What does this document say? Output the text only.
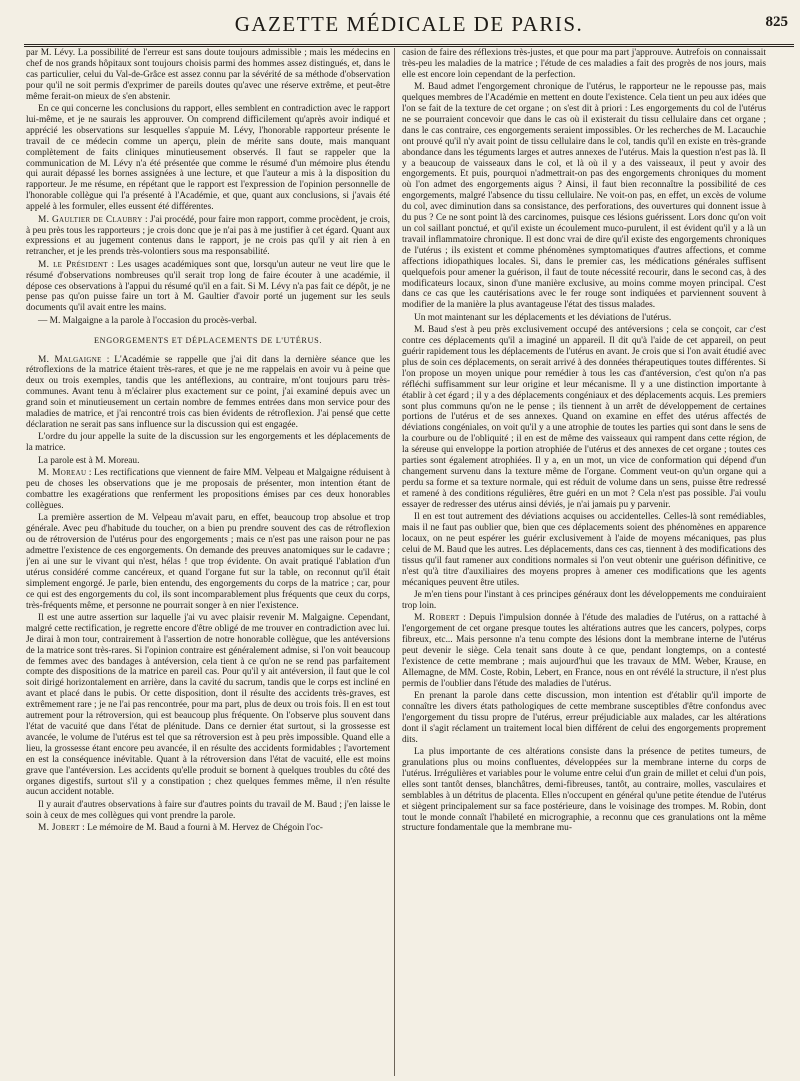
GAZETTE MÉDICALE DE PARIS.	825

par M. Lévy. La possibilité de l'erreur est sans doute toujours admissible ; mais les médecins en chef de nos grands hôpitaux sont toujours choisis parmi des hommes assez distingués, et, dans le cas particulier, celui du Val-de-Grâce est assez connu par la sévérité de sa méthode d'observation pour qu'il ne soit permis d'exprimer de pareils doutes qu'avec une réserve extrême, et peut-être même ferait-on mieux de s'en abstenir.

En ce qui concerne les conclusions du rapport, elles semblent en contradiction avec le rapport lui-même, et je ne saurais les approuver. On comprend difficilement qu'après avoir indiqué et apprécié les observations sur lesquelles s'appuie M. Lévy, l'honorable rapporteur présente le travail de ce médecin comme un aperçu, plein de mérite sans doute, mais manquant complètement de faits cliniques minutieusement observés. Il faut se rappeler que la communication de M. Lévy n'a été présentée que comme le résumé d'un mémoire plus étendu qui aurait dépassé les bornes assignées à une lecture, et que l'auteur a mis à la disposition du rapporteur. Je me résume, en répétant que le rapport est l'expression de l'opinion personnelle de l'honorable collègue qui l'a présenté à l'Académie, et que, quant aux conclusions, si j'avais été appelé à les formuler, elles eussent été différentes.

M. Gaultier de Claubry : J'ai procédé, pour faire mon rapport, comme procèdent, je crois, à peu près tous les rapporteurs ; je crois donc que je n'ai pas à me justifier à cet égard. Quant aux expressions et au jugement contenus dans le rapport, je ne crois pas qu'il y ait rien à en retrancher, et je les prends très-volontiers sous ma responsabilité.

M. le Président : Les usages académiques sont que, lorsqu'un auteur ne veut lire que le résumé d'observations nombreuses qu'il serait trop long de faire écouter à une académie, il dépose ces observations à l'appui du résumé qu'il en a fait. Si M. Lévy n'a pas fait ce dépôt, je ne pense pas qu'on puisse faire un tort à M. Gaultier d'avoir porté un jugement sur les seuls documents qu'il avait entre les mains.

— M. Malgaigne a la parole à l'occasion du procès-verbal.

ENGORGEMENTS ET DÉPLACEMENTS DE L'UTÉRUS.

M. Malgaigne : L'Académie se rappelle que j'ai dit dans la dernière séance que les rétroflexions de la matrice étaient très-rares, et que je ne me rappelais en avoir vu à peine que deux ou trois exemples, tandis que les antéflexions, au contraire, m'ont toujours paru très-communes. Avant tenu à m'éclairer plus exactement sur ce point, j'ai examiné depuis avec un grand soin et minutieusement un certain nombre de femmes entrées dans mon service pour des maladies de matrice, et j'ai rencontré trois cas bien évidents de rétroflexion. J'ai pensé que cette déclaration ne serait pas sans influence sur la discussion qui est engagée.

L'ordre du jour appelle la suite de la discussion sur les engorgements et les déplacements de la matrice.

La parole est à M. Moreau.

M. Moreau : Les rectifications que viennent de faire MM. Velpeau et Malgaigne réduisent à peu de choses les observations que je me proposais de présenter, mon intention étant de combattre les exagérations que renferment les propositions émises par ces deux honorables collègues.

La première assertion de M. Velpeau m'avait paru, en effet, beaucoup trop absolue et trop générale. Avec peu d'habitude du toucher, on a bien pu prendre souvent des cas de rétroflexion ou de rétroversion de l'utérus pour des engorgements ; mais ce n'est pas une raison pour ne pas admettre l'existence de ces engorgements. On demande des preuves anatomiques sur le cadavre ; j'en ai une sur le vivant qui n'est, hélas ! que trop évidente. On avait pratiqué l'ablation d'un utérus considéré comme cancéreux, et quand l'organe fut sur la table, on reconnut qu'il était simplement engorgé. Je parle, bien entendu, des engorgements du corps de la matrice ; car, pour ce qui est des engorgements du col, ils sont incomparablement plus fréquents que ceux du corps, très-fréquents même, et personne ne pourrait songer à en nier l'existence.

Il est une autre assertion sur laquelle j'ai vu avec plaisir revenir M. Malgaigne. Cependant, malgré cette rectification, je regrette encore d'être obligé de me trouver en contradiction avec lui. Je dirai à mon tour, contrairement à l'assertion de notre honorable collègue, que les antéversions de la matrice sont très-rares. Si l'opinion contraire est généralement admise, si l'on voit beaucoup de femmes avec des bandages à antéversion, cela tient à ce qu'on ne se rend pas parfaitement compte des dispositions de la matrice en pareil cas. Pour qu'il y ait antéversion, il faut que le col soit dirigé horizontalement en arrière, dans la cavité du sacrum, tandis que le corps est incliné en avant et placé dans le pubis. Or cette disposition, dont il résulte des accidents très-graves, est extrêmement rare ; je ne l'ai pas rencontrée, pour ma part, plus de deux ou trois fois. Il en est tout autrement pour la rétroversion, qui est beaucoup plus fréquente. On l'observe plus souvent dans l'état de vacuité que dans l'état de plénitude. Dans ce dernier état surtout, si la grossesse est avancée, le volume de l'utérus est tel que sa rétroversion est à peu près impossible. Quand elle a lieu, la grossesse étant encore peu avancée, il en résulte des accidents formidables ; l'avortement en est la conséquence inévitable. Quant à la rétroversion dans l'état de vacuité, elle est moins grave que l'antéversion. Les accidents qu'elle produit se bornent à quelques troubles du côté des organes digestifs, surtout s'il y a constipation ; chez quelques femmes même, il n'en résulte aucun accident notable.

Il y aurait d'autres observations à faire sur d'autres points du travail de M. Baud ; j'en laisse le soin à ceux de mes collègues qui vont prendre la parole.

M. Jobert : Le mémoire de M. Baud a fourni à M. Hervez de Chégoin l'oc-

casion de faire des réflexions très-justes, et que pour ma part j'approuve. Autrefois on connaissait très-peu les maladies de la matrice ; l'étude de ces maladies a fait des progrès de nos jours, mais elle est encore loin cependant de la perfection.

M. Baud admet l'engorgement chronique de l'utérus, le rapporteur ne le repousse pas, mais quelques membres de l'Académie en mettent en doute l'existence. Cela tient un peu aux idées que l'on se fait de la texture de cet organe ; on s'est dit à priori : Les engorgements du col de l'utérus ne se pourraient concevoir que dans le cas où il existerait du tissu cellulaire dans cet organe ; dans le cas contraire, ces engorgements seraient impossibles. Or les recherches de M. Lacauchie ont prouvé qu'il n'y avait point de tissu cellulaire dans le col, tandis qu'il en existe en très-grande abondance dans les téguments larges et autres annexes de l'utérus. Mais la question n'est pas là. Il y a beaucoup de vaisseaux dans le col, et là où il y a des vaisseaux, il peut y avoir des engorgements. Et puis, pourquoi n'admettrait-on pas des engorgements chroniques du moment où l'on admet des engorgements aigus ? Ainsi, il faut bien reconnaître la possibilité de ces engorgements, malgré l'absence du tissu cellulaire. Ne voit-on pas, en effet, un excès de volume du col, avec diminution dans sa consistance, des perforations, des ouvertures qui donnent issue à du pus ? Ce ne sont point là des carcinomes, puisque ces lésions guérissent. Lors donc qu'on voit un col saillant ponctué, et qu'il existe un écoulement muco-purulent, il est évident qu'il y a là un travail inflammatoire chronique. Il est donc vrai de dire qu'il existe des engorgements chroniques de l'utérus ; ils existent et comme phénomènes symptomatiques d'autres affections, et comme affections idiopathiques locales. Si, dans le premier cas, les médications générales suffisent quelquefois pour amener la guérison, il faut de toute nécessité recourir, dans le second cas, à des modificateurs locaux, sinon d'une manière exclusive, au moins comme moyen principal. C'est dans ce cas que les cautérisations avec le fer rouge sont indiquées et parviennent souvent à modifier de la manière la plus avantageuse l'état des tissus malades.

Un mot maintenant sur les déplacements et les déviations de l'utérus.

M. Baud s'est à peu près exclusivement occupé des antéversions ; cela se conçoit, car c'est contre ces déplacements qu'il a imaginé un appareil. Il dit qu'à l'aide de cet appareil, on peut guérir rapidement tous les déplacements de l'utérus en avant. Je crois que si l'on avait étudié avec plus de soin ces déplacements, on serait arrivé à des données thérapeutiques toutes différentes. Si l'on propose un moyen unique pour remédier à tous les cas d'antéversion, c'est qu'on n'a pas réfléchi suffisamment sur leur origine et leur mécanisme. Il y a une distinction importante à établir à cet égard ; il y a des déplacements congéniaux et des déplacements acquis. Les premiers sont plus communs qu'on ne le pense ; ils tiennent à un arrêt de développement de certaines portions de l'utérus et de ses annexes. Quand on examine en effet des utérus affectés de déviations congéniales, on voit qu'il y a une atrophie de toutes les parties qui sont dans le sens de la courbure ou de l'obliquité ; il en est de même des vaisseaux qui rampent dans cette région, de la séreuse qui enveloppe la portion atrophiée de l'utérus et des annexes de cet organe ; toutes ces parties sont également atrophiées. Il y a, en un mot, un vice de conformation qui dépend d'un changement survenu dans la texture même de l'organe. Comment veut-on qu'un organe qui a perdu sa forme et sa texture normale, qui est réduit de volume dans un sens, puisse être redressé et ramené à des conditions régulières, être guéri en un mot ? Cela n'est pas possible. J'ai voulu essayer de redresser des utérus ainsi déviés, je n'ai jamais pu y parvenir.

Il en est tout autrement des déviations acquises ou accidentelles. Celles-là sont remédiables, mais il ne faut pas oublier que, bien que ces déplacements soient des phénomènes en apparence locaux, on ne peut espérer les guérir exclusivement à l'aide de moyens mécaniques, pas plus celui de M. Baud que les autres. Les déplacements, dans ces cas, tiennent à des modifications des tissus qu'il faut ramener aux conditions normales si l'on veut obtenir une guérison définitive, ce n'est qu'à titre d'auxiliaires des moyens propres à amener ces modifications que les agents mécaniques peuvent être utiles.

Je m'en tiens pour l'instant à ces principes généraux dont les développements me conduiraient trop loin.

M. Robert : Depuis l'impulsion donnée à l'étude des maladies de l'utérus, on a rattaché à l'engorgement de cet organe presque toutes les altérations autres que les cancers, polypes, corps fibreux, etc... Mais personne n'a tenu compte des lésions dont la membrane interne de l'utérus peut devenir le siège. Cela tenait sans doute à ce que, pendant longtemps, on a contesté l'existence de cette membrane ; mais aujourd'hui que les travaux de MM. Weber, Krause, en Allemagne, de MM. Coste, Robin, Lebert, en France, nous en ont révélé la structure, il n'est plus permis de l'oublier dans l'étude des maladies de l'utérus.

En prenant la parole dans cette discussion, mon intention est d'établir qu'il importe de connaître les divers états pathologiques de cette membrane susceptibles d'être confondus avec l'engorgement du tissu propre de l'utérus, erreur préjudiciable aux malades, car les altérations dont il s'agit réclament un traitement local bien différent de celui des engorgements proprement dits.

La plus importante de ces altérations consiste dans la présence de petites tumeurs, de granulations plus ou moins confluentes, développées sur la membrane interne du corps de l'utérus. Irrégulières et variables pour le volume entre celui d'un grain de millet et celui d'un pois, elles sont tantôt denses, blanchâtres, demi-fibreuses, tantôt, au contraire, molles, vasculaires et semblables à un détritus de placenta. Elles n'occupent en général qu'une petite étendue de l'utérus et siègent principalement sur sa face postérieure, dans le voisinage des trompes. M. Robin, dont tout le monde connaît l'habileté en micrographie, a reconnu que ces granulations ont la même structure fondamentale que la membrane mu-
